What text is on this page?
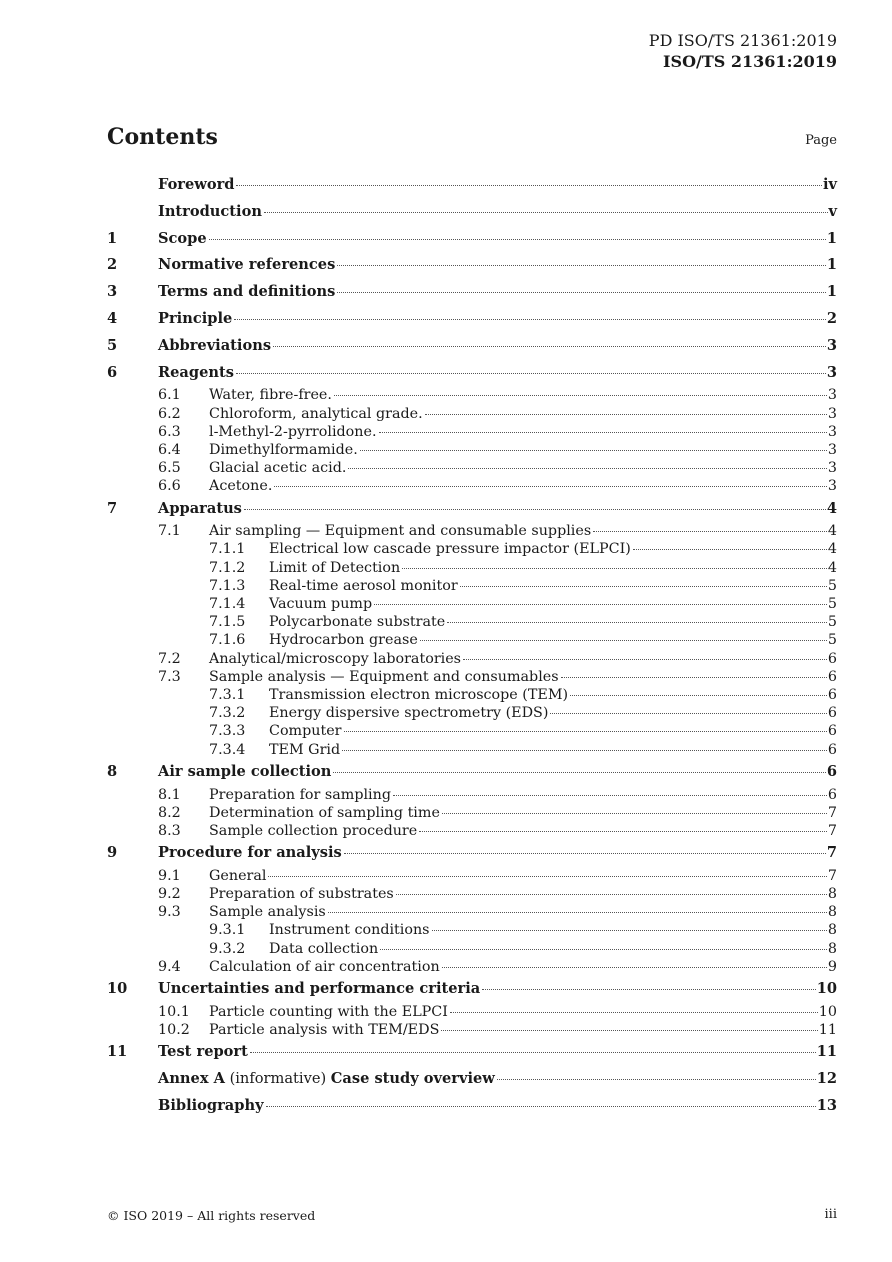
PD ISO/TS 21361:2019
ISO/TS 21361:2019
Contents	Page
Foreword	iv
Introduction	v
1	Scope	1
2	Normative references	1
3	Terms and definitions	1
4	Principle	2
5	Abbreviations	3
6	Reagents	3
6.1	Water, fibre-free.	3
6.2	Chloroform, analytical grade.	3
6.3	l-Methyl-2-pyrrolidone.	3
6.4	Dimethylformamide.	3
6.5	Glacial acetic acid.	3
6.6	Acetone.	3
7	Apparatus	4
7.1	Air sampling — Equipment and consumable supplies	4
7.1.1	Electrical low cascade pressure impactor (ELPCI)	4
7.1.2	Limit of Detection	4
7.1.3	Real-time aerosol monitor	5
7.1.4	Vacuum pump	5
7.1.5	Polycarbonate substrate	5
7.1.6	Hydrocarbon grease	5
7.2	Analytical/microscopy laboratories	6
7.3	Sample analysis — Equipment and consumables	6
7.3.1	Transmission electron microscope (TEM)	6
7.3.2	Energy dispersive spectrometry (EDS)	6
7.3.3	Computer	6
7.3.4	TEM Grid	6
8	Air sample collection	6
8.1	Preparation for sampling	6
8.2	Determination of sampling time	7
8.3	Sample collection procedure	7
9	Procedure for analysis	7
9.1	General	7
9.2	Preparation of substrates	8
9.3	Sample analysis	8
9.3.1	Instrument conditions	8
9.3.2	Data collection	8
9.4	Calculation of air concentration	9
10	Uncertainties and performance criteria	10
10.1	Particle counting with the ELPCI	10
10.2	Particle analysis with TEM/EDS	11
11	Test report	11
Annex A (informative) Case study overview	12
Bibliography	13
© ISO 2019 – All rights reserved	iii
